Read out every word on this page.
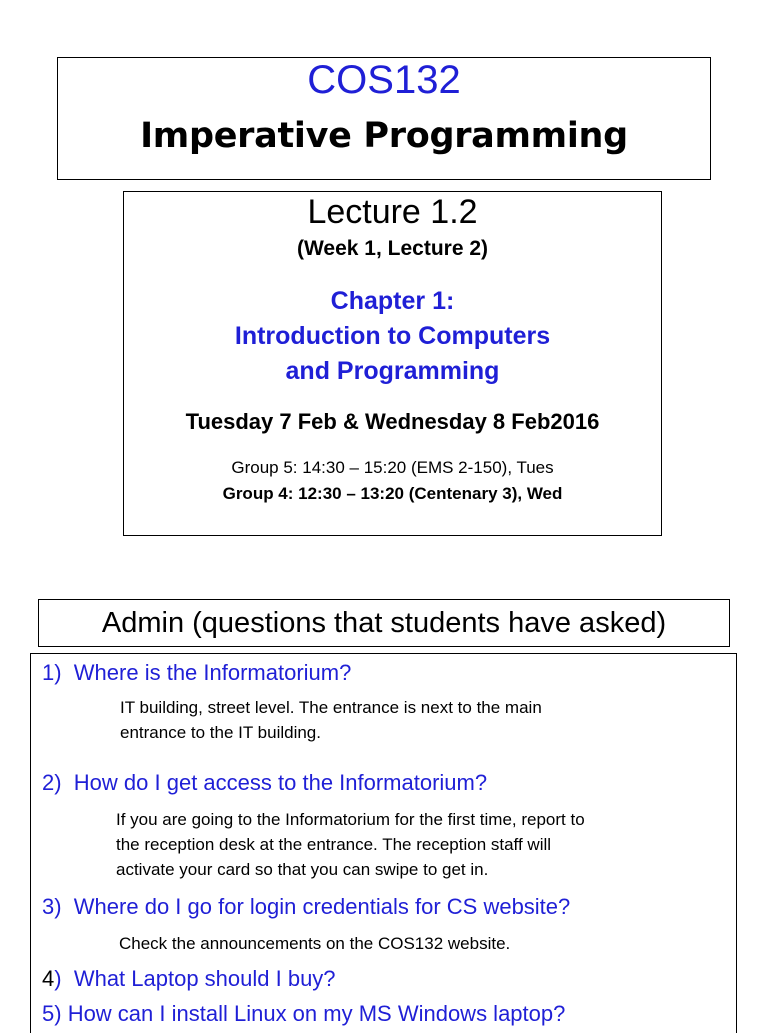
COS132
Imperative Programming

Lecture 1.2

(Week 1, Lecture 2)

Chapter 1:

Introduction to Computers

and Programming

Tuesday 7 Feb & Wednesday 8 Feb2016

Group 5: 14:30 – 15:20 (EMS 2-150), Tues

Group 4: 12:30 – 13:20 (Centenary 3), Wed

Admin (questions that students have asked)
1) Where is the Informatorium?
IT building, street level. The entrance is next to the main
entrance to the IT building.
2) How do I get access to the Informatorium?
If you are going to the Informatorium for the first time, report to
the reception desk at the entrance. The reception staff will
activate your card so that you can swipe to get in.
3) Where do I go for login credentials for CS website?
Check the announcements on the COS132 website.
4) What Laptop should I buy?
5) How can I install Linux on my MS Windows laptop?
